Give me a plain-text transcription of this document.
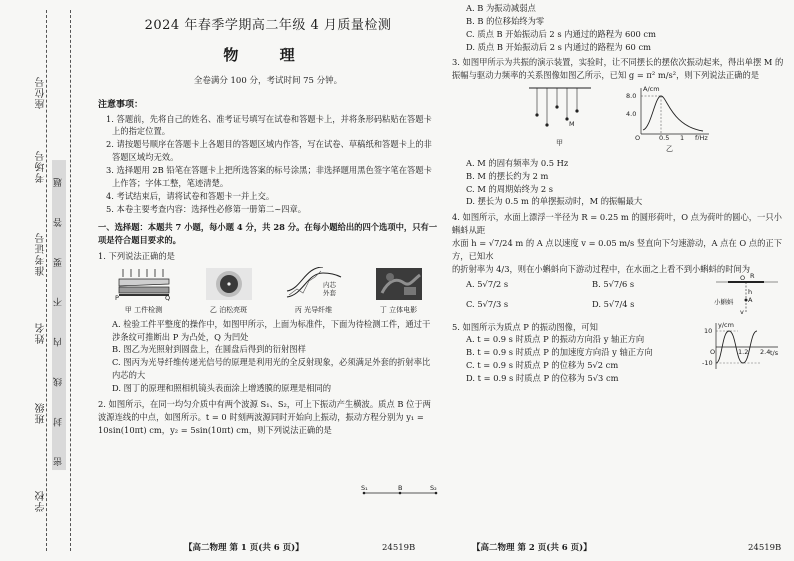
学校
班级
姓名
准考证号
考场号
座位号
密 封 线 内 不 要 答 题
2024 年春季学期高二年级 4 月质量检测
物 理
全卷满分 100 分，考试时间 75 分钟。
注意事项：
1. 答题前，先将自己的姓名、准考证号填写在试卷和答题卡上，并将条形码粘贴在答题卡上的指定位置。
2. 请按题号顺序在答题卡上各题目的答题区域内作答，写在试卷、草稿纸和答题卡上的非答题区域均无效。
3. 选择题用 2B 铅笔在答题卡上把所选答案的标号涂黑；非选择题用黑色签字笔在答题卡上作答；字体工整，笔迹清楚。
4. 考试结束后，请将试卷和答题卡一并上交。
5. 本卷主要考查内容：选择性必修第一册第二~四章。
一、选择题：本题共 7 小题，每小题 4 分，共 28 分。在每小题给出的四个选项中，只有一项是符合题目要求的。

1. 下列说法正确的是

P	Q
甲 工件检测	乙 泊松亮斑
内芯
外套
丙 光导纤维	丁 立体电影

A. 检验工件平整度的操作中，如图甲所示，上面为标准件，下面为待检测工件，通过干涉条纹可推断出 P 为凸处，Q 为凹处

B. 图乙为光照射到圆盘上，在圆盘后得到的衍射图样

C. 图丙为光导纤维传递光信号的原理是利用光的全反射现象，必须满足外套的折射率比内芯的大

D. 图丁的原理和照相机镜头表面涂上增透膜的原理是相同的

2. 如图所示，在同一均匀介质中有两个波源 S₁、S₂，可上下振动产生横波。质点 B 位于两波源连线的中点，如图所示。t = 0 时刻两波源同时开始向上振动，振动方程分别为 y₁ = 10sin(10πt) cm，y₂ = 5sin(10πt) cm，则下列说法正确的是

S₁	B	S₂
【高二物理 第 1 页(共 6 页)】	24519B

A. B 为振动减弱点

B. B 的位移始终为零

C. 质点 B 开始振动后 2 s 内通过的路程为 600 cm

D. 质点 B 开始振动后 2 s 内通过的路程为 60 cm

3. 如图甲所示为共振的演示装置，实验时，让不同摆长的摆依次振动起来，得出单摆 M 的振幅与驱动力频率的关系图像如图乙所示，已知 g = π² m/s²，则下列说法正确的是

M
甲
A/cm
f/Hz
8.0
4.0
O	0.5 1
乙

A. M 的固有频率为 0.5 Hz

B. M 的摆长约为 2 m

C. M 的周期始终为 2 s

D. 摆长为 0.5 m 的单摆振动时，M 的振幅最大

4. 如图所示，水面上漂浮一半径为 R = 0.25 m 的圆形荷叶，O 点为荷叶的圆心，一只小蝌蚪从距

水面 h = √7/24 m 的 A 点以速度 v = 0.05 m/s 竖直向下匀速游动，A 点在 O 点的正下方，已知水

的折射率为 4/3，则在小蝌蚪向下游动过程中，在水面之上看不到小蝌蚪的时间为

A. 5√7/2 s	B. 5√7/6 s
C. 5√7/3 s	D. 5√7/4 s
R
O
h
A
小蝌蚪
v

5. 如图所示为质点 P 的振动图像，可知

A. t = 0.9 s 时质点 P 的振动方向沿 y 轴正方向

B. t = 0.9 s 时质点 P 的加速度方向沿 y 轴正方向

C. t = 0.9 s 时质点 P 的位移为 5√2 cm

D. t = 0.9 s 时质点 P 的位移为 5√3 cm

y/cm
t/s
10
-10
O	1.2 2.4
【高二物理 第 2 页(共 6 页)】	24519B
